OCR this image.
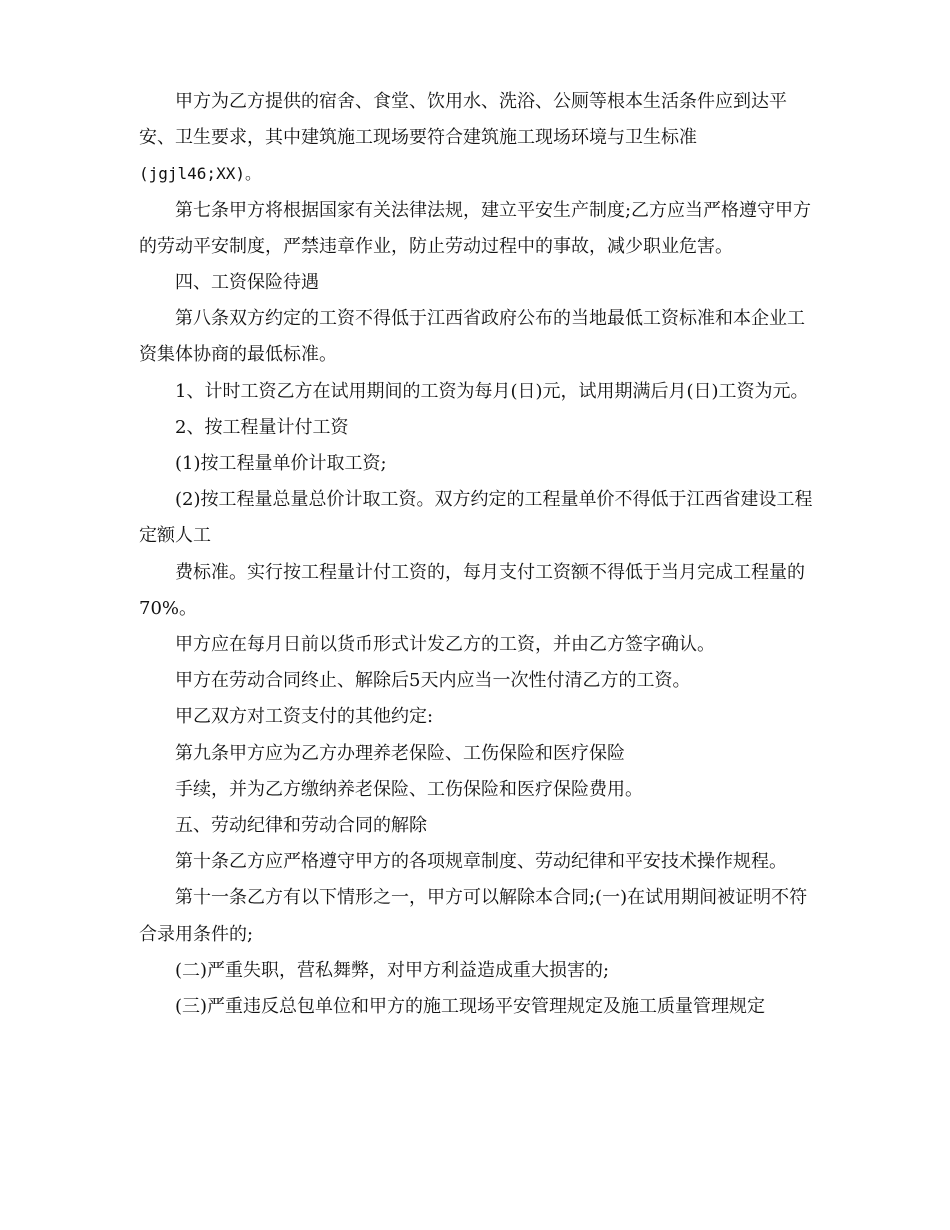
甲方为乙方提供的宿舍、食堂、饮用水、洗浴、公厕等根本生活条件应到达平安、卫生要求，其中建筑施工现场要符合建筑施工现场环境与卫生标准

(jgjl46;XX)。

第七条甲方将根据国家有关法律法规，建立平安生产制度;乙方应当严格遵守甲方的劳动平安制度，严禁违章作业，防止劳动过程中的事故，减少职业危害。

四、工资保险待遇

第八条双方约定的工资不得低于江西省政府公布的当地最低工资标准和本企业工资集体协商的最低标准。

1、计时工资乙方在试用期间的工资为每月(日)元，试用期满后月(日)工资为元。

2、按工程量计付工资

(1)按工程量单价计取工资;

(2)按工程量总量总价计取工资。双方约定的工程量单价不得低于江西省建设工程定额人工

费标准。实行按工程量计付工资的，每月支付工资额不得低于当月完成工程量的70%。

甲方应在每月日前以货币形式计发乙方的工资，并由乙方签字确认。

甲方在劳动合同终止、解除后5天内应当一次性付清乙方的工资。

甲乙双方对工资支付的其他约定:

第九条甲方应为乙方办理养老保险、工伤保险和医疗保险

手续，并为乙方缴纳养老保险、工伤保险和医疗保险费用。

五、劳动纪律和劳动合同的解除

第十条乙方应严格遵守甲方的各项规章制度、劳动纪律和平安技术操作规程。

第十一条乙方有以下情形之一，甲方可以解除本合同;(一)在试用期间被证明不符合录用条件的;

(二)严重失职，营私舞弊，对甲方利益造成重大损害的;

(三)严重违反总包单位和甲方的施工现场平安管理规定及施工质量管理规定
